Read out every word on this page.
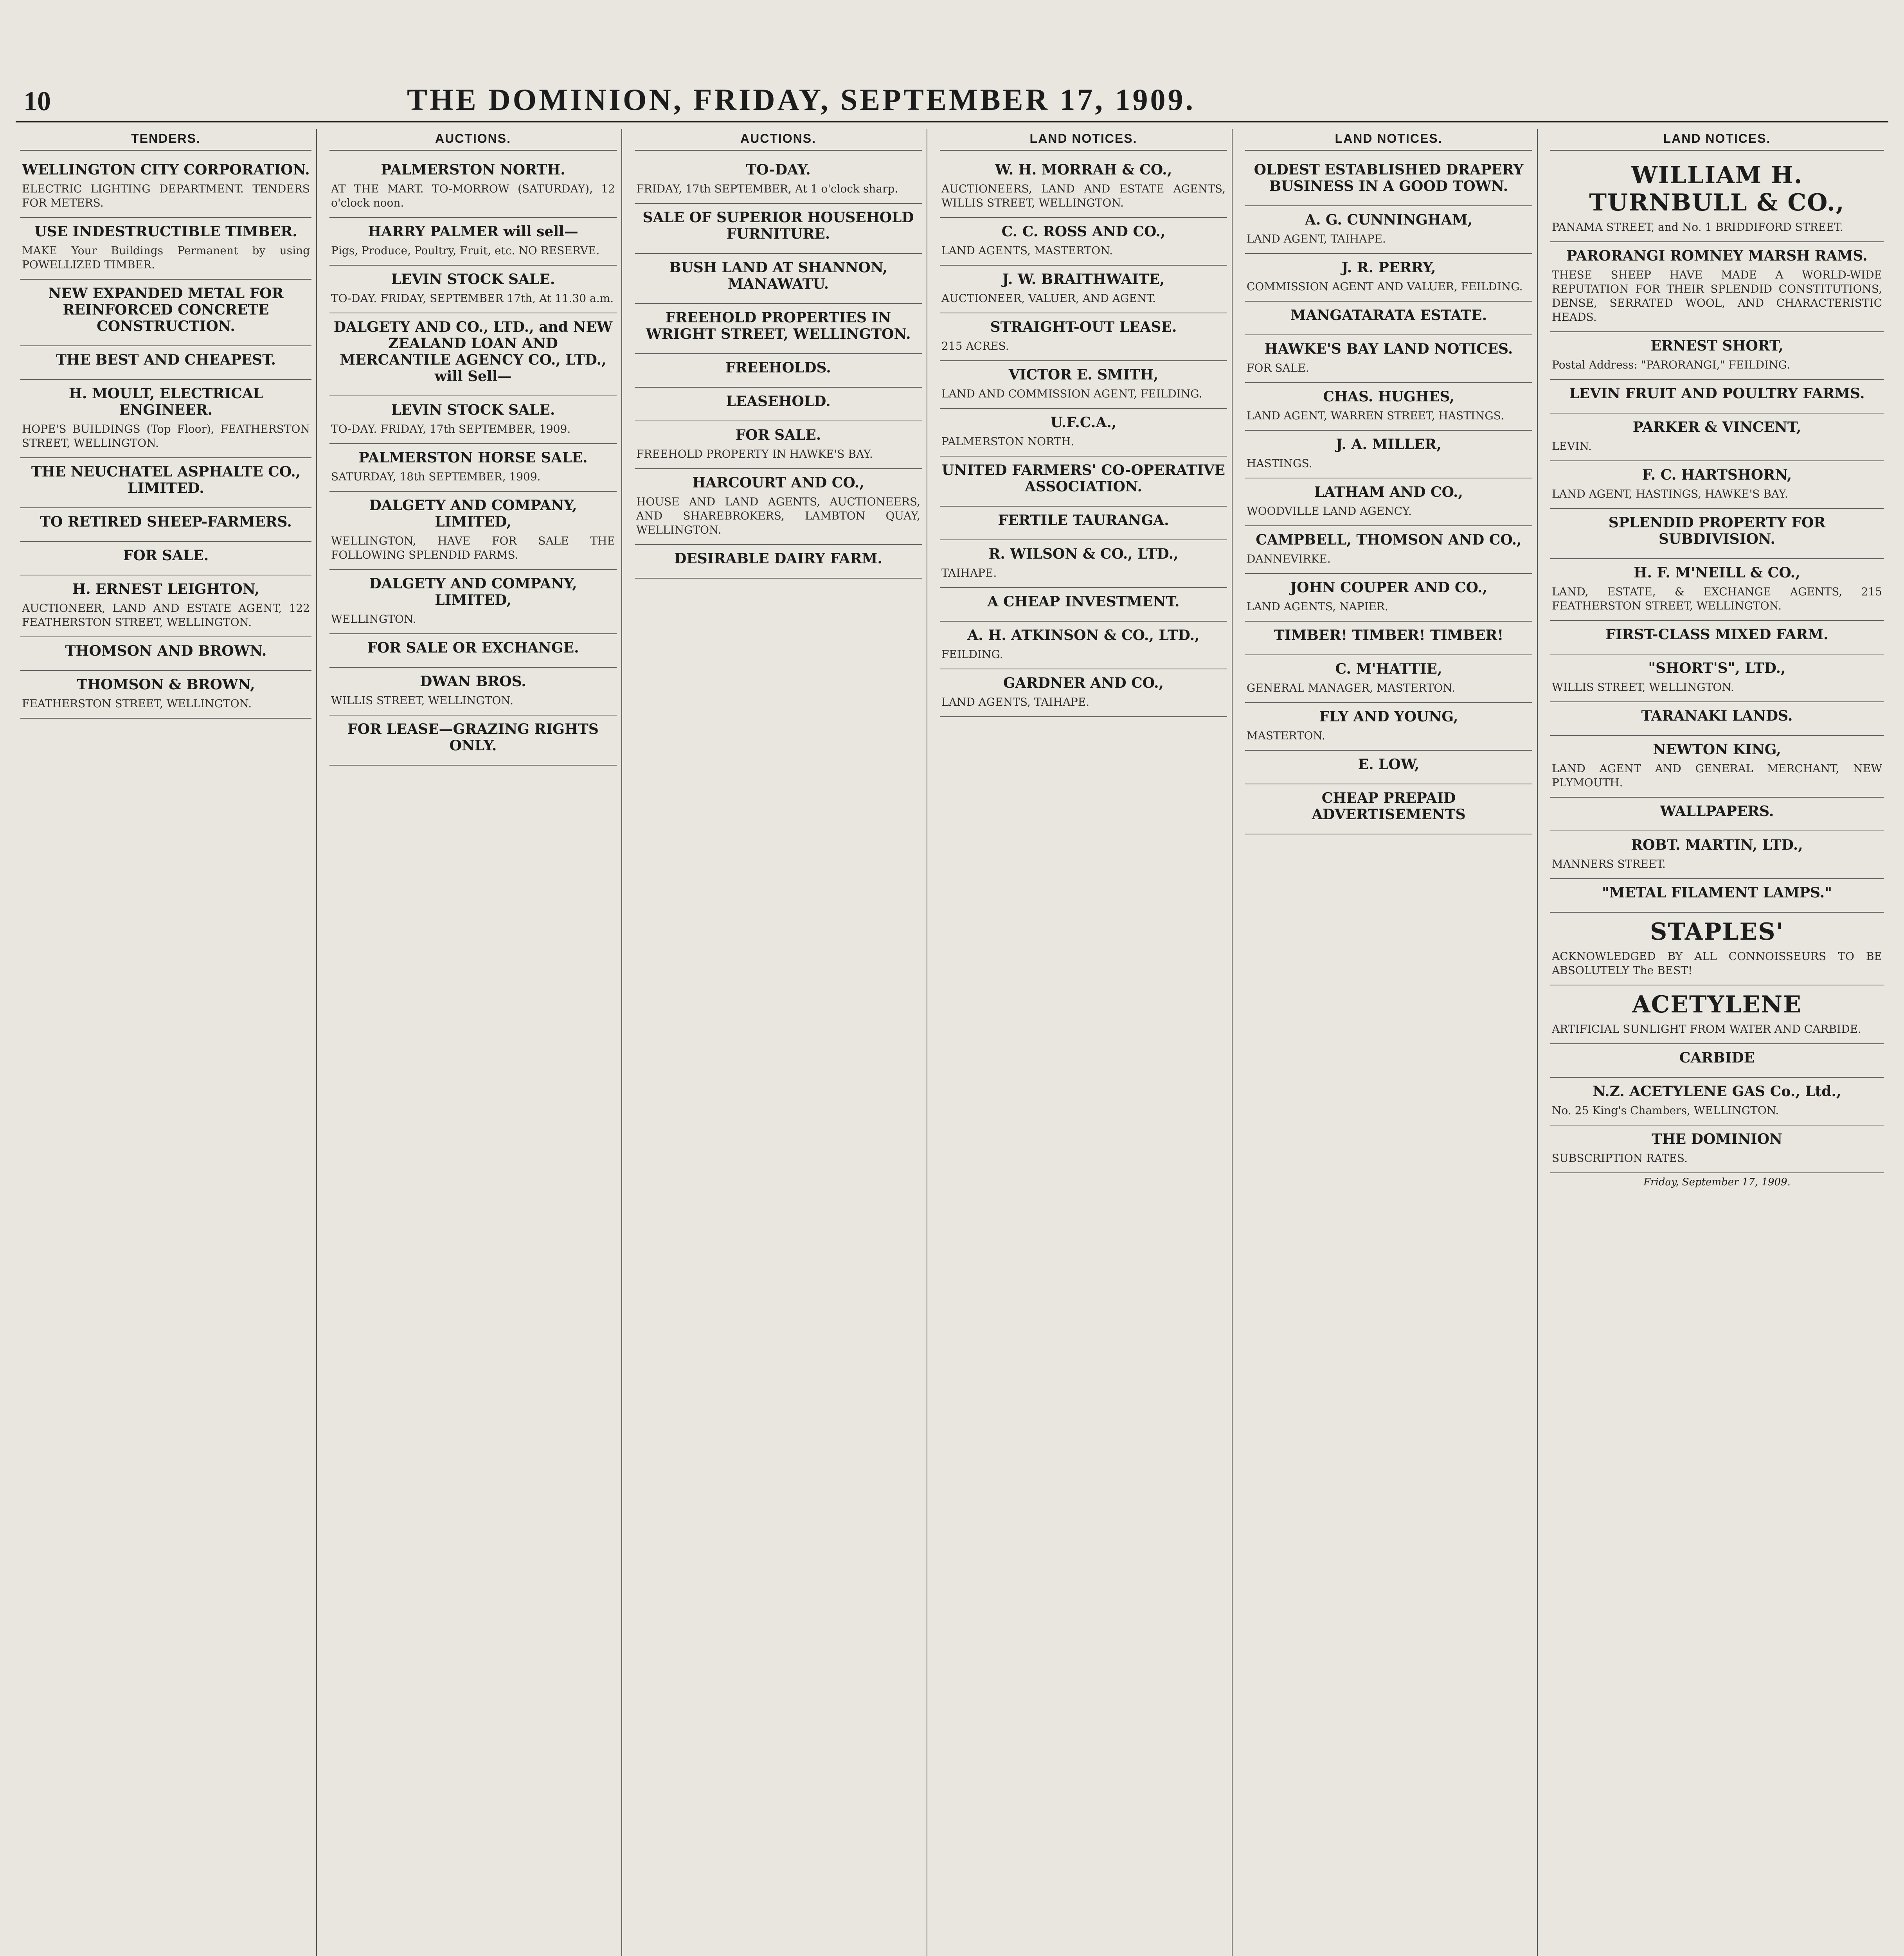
10	THE DOMINION, FRIDAY, SEPTEMBER 17, 1909.
TENDERS.
WELLINGTON CITY CORPORATION.
ELECTRIC LIGHTING DEPARTMENT. TENDERS FOR METERS.
USE INDESTRUCTIBLE TIMBER.
MAKE Your Buildings Permanent by using POWELLIZED TIMBER.
NEW EXPANDED METAL FOR REINFORCED CONCRETE CONSTRUCTION.
THE BEST AND CHEAPEST.
H. MOULT, ELECTRICAL ENGINEER.
HOPE'S BUILDINGS (Top Floor), FEATHERSTON STREET, WELLINGTON.
THE NEUCHATEL ASPHALTE CO., LIMITED.
TO RETIRED SHEEP-FARMERS.
FOR SALE.
H. ERNEST LEIGHTON,
AUCTIONEER, LAND AND ESTATE AGENT, 122 FEATHERSTON STREET, WELLINGTON.
THOMSON AND BROWN.
THOMSON & BROWN,
FEATHERSTON STREET, WELLINGTON.
AUCTIONS.
PALMERSTON NORTH.
AT THE MART. TO-MORROW (SATURDAY), 12 o'clock noon.
HARRY PALMER will sell—
Pigs, Produce, Poultry, Fruit, etc. NO RESERVE.
LEVIN STOCK SALE.
TO-DAY. FRIDAY, SEPTEMBER 17th, At 11.30 a.m.
DALGETY AND CO., LTD., and NEW ZEALAND LOAN AND MERCANTILE AGENCY CO., LTD., will Sell—
LEVIN STOCK SALE.
TO-DAY. FRIDAY, 17th SEPTEMBER, 1909.
PALMERSTON HORSE SALE.
SATURDAY, 18th SEPTEMBER, 1909.
DALGETY AND COMPANY, LIMITED,
WELLINGTON, HAVE FOR SALE THE FOLLOWING SPLENDID FARMS.
DALGETY AND COMPANY, LIMITED,
WELLINGTON.
FOR SALE OR EXCHANGE.
DWAN BROS.
WILLIS STREET, WELLINGTON.
FOR LEASE—GRAZING RIGHTS ONLY.
AUCTIONS.
TO-DAY.
FRIDAY, 17th SEPTEMBER, At 1 o'clock sharp.
SALE OF SUPERIOR HOUSEHOLD FURNITURE.
BUSH LAND AT SHANNON, MANAWATU.
FREEHOLD PROPERTIES IN WRIGHT STREET, WELLINGTON.
FREEHOLDS.
LEASEHOLD.
FOR SALE.
FREEHOLD PROPERTY IN HAWKE'S BAY.
HARCOURT AND CO.,
HOUSE AND LAND AGENTS, AUCTIONEERS, AND SHAREBROKERS, LAMBTON QUAY, WELLINGTON.
DESIRABLE DAIRY FARM.
LAND NOTICES.
W. H. MORRAH & CO.,
AUCTIONEERS, LAND AND ESTATE AGENTS, WILLIS STREET, WELLINGTON.
C. C. ROSS AND CO.,
LAND AGENTS, MASTERTON.
J. W. BRAITHWAITE,
AUCTIONEER, VALUER, AND AGENT.
STRAIGHT-OUT LEASE.
215 ACRES.
VICTOR E. SMITH,
LAND AND COMMISSION AGENT, FEILDING.
U.F.C.A.,
PALMERSTON NORTH.
UNITED FARMERS' CO-OPERATIVE ASSOCIATION.
FERTILE TAURANGA.
R. WILSON & CO., LTD.,
TAIHAPE.
A CHEAP INVESTMENT.
A. H. ATKINSON & CO., LTD.,
FEILDING.
GARDNER AND CO.,
LAND AGENTS, TAIHAPE.
LAND NOTICES.
OLDEST ESTABLISHED DRAPERY BUSINESS IN A GOOD TOWN.
A. G. CUNNINGHAM,
LAND AGENT, TAIHAPE.
J. R. PERRY,
COMMISSION AGENT AND VALUER, FEILDING.
MANGATARATA ESTATE.
HAWKE'S BAY LAND NOTICES.
FOR SALE.
CHAS. HUGHES,
LAND AGENT, WARREN STREET, HASTINGS.
J. A. MILLER,
HASTINGS.
LATHAM AND CO.,
WOODVILLE LAND AGENCY.
CAMPBELL, THOMSON AND CO.,
DANNEVIRKE.
JOHN COUPER AND CO.,
LAND AGENTS, NAPIER.
TIMBER! TIMBER! TIMBER!
C. M'HATTIE,
GENERAL MANAGER, MASTERTON.
FLY AND YOUNG,
MASTERTON.
E. LOW,
CHEAP PREPAID ADVERTISEMENTS
LAND NOTICES.
WILLIAM H. TURNBULL & CO.,
PANAMA STREET, and No. 1 BRIDDIFORD STREET.
PARORANGI ROMNEY MARSH RAMS.
THESE SHEEP HAVE MADE A WORLD-WIDE REPUTATION FOR THEIR SPLENDID CONSTITUTIONS, DENSE, SERRATED WOOL, AND CHARACTERISTIC HEADS.
ERNEST SHORT,
Postal Address: "PARORANGI," FEILDING.
LEVIN FRUIT AND POULTRY FARMS.
PARKER & VINCENT,
LEVIN.
F. C. HARTSHORN,
LAND AGENT, HASTINGS, HAWKE'S BAY.
SPLENDID PROPERTY FOR SUBDIVISION.
H. F. M'NEILL & CO.,
LAND, ESTATE, & EXCHANGE AGENTS, 215 FEATHERSTON STREET, WELLINGTON.
FIRST-CLASS MIXED FARM.
"SHORT'S", LTD.,
WILLIS STREET, WELLINGTON.
TARANAKI LANDS.
NEWTON KING,
LAND AGENT AND GENERAL MERCHANT, NEW PLYMOUTH.
WALLPAPERS.
ROBT. MARTIN, LTD.,
MANNERS STREET.
"METAL FILAMENT LAMPS."
STAPLES'
ACKNOWLEDGED BY ALL CONNOISSEURS TO BE ABSOLUTELY The BEST!
ACETYLENE
ARTIFICIAL SUNLIGHT FROM WATER AND CARBIDE.
CARBIDE
N.Z. ACETYLENE GAS Co., Ltd.,
No. 25 King's Chambers, WELLINGTON.
THE DOMINION
SUBSCRIPTION RATES.
Friday, September 17, 1909.
